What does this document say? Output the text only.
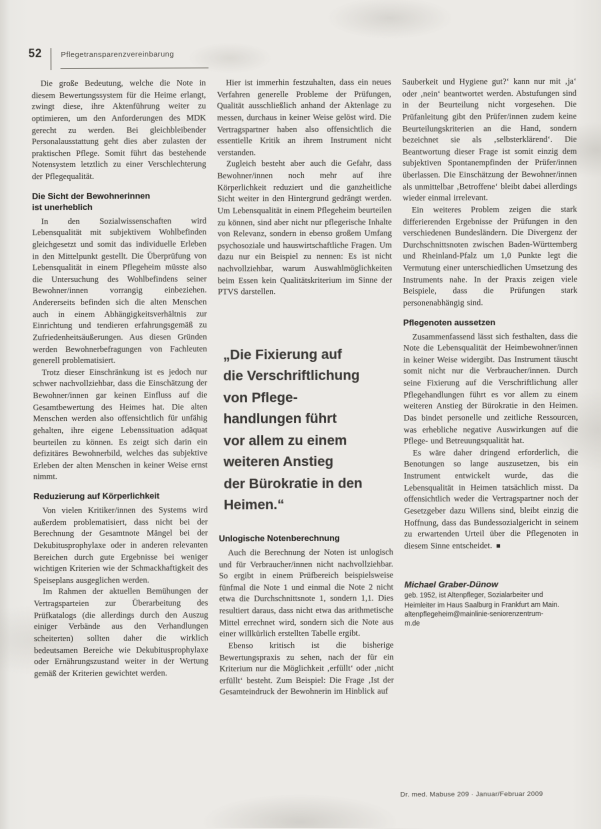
52	Pflegetransparenzvereinbarung

Die große Bedeutung, welche die Note in diesem Bewertungssystem für die Heime erlangt, zwingt diese, ihre Aktenführung weiter zu optimieren, um den Anforderungen des MDK gerecht zu werden. Bei gleichbleibender Personalausstattung geht dies aber zulasten der praktischen Pflege. Somit führt das bestehende Notensystem letztlich zu einer Verschlechterung der Pflegequalität.

Die Sicht der Bewohnerinnen
ist unerheblich

In den Sozialwissenschaften wird Lebensqualität mit subjektivem Wohlbefinden gleichgesetzt und somit das individuelle Erleben in den Mittelpunkt gestellt. Die Überprüfung von Lebensqualität in einem Pflegeheim müsste also die Untersuchung des Wohlbefindens seiner Bewohner/innen vorrangig einbeziehen. Andererseits befinden sich die alten Menschen auch in einem Abhängigkeitsverhältnis zur Einrichtung und tendieren erfahrungsgemäß zu Zufriedenheitsäußerungen. Aus diesen Gründen werden Bewohnerbefragungen von Fachleuten generell problematisiert.

Trotz dieser Einschränkung ist es jedoch nur schwer nachvollziehbar, dass die Einschätzung der Bewohner/innen gar keinen Einfluss auf die Gesamtbewertung des Heimes hat. Die alten Menschen werden also offensichtlich für unfähig gehalten, ihre eigene Lebenssituation adäquat beurteilen zu können. Es zeigt sich darin ein defizitäres Bewohnerbild, welches das subjektive Erleben der alten Menschen in keiner Weise ernst nimmt.

Reduzierung auf Körperlichkeit

Von vielen Kritiker/innen des Systems wird außerdem problematisiert, dass nicht bei der Berechnung der Gesamtnote Mängel bei der Dekubitusprophylaxe oder in anderen relevanten Bereichen durch gute Ergebnisse bei weniger wichtigen Kriterien wie der Schmackhaftigkeit des Speiseplans ausgeglichen werden.

Im Rahmen der aktuellen Bemühungen der Vertragsparteien zur Überarbeitung des Prüfkatalogs (die allerdings durch den Auszug einiger Verbände aus den Verhandlungen scheiterten) sollten daher die wirklich bedeutsamen Bereiche wie Dekubitusprophylaxe oder Ernährungszustand weiter in der Wertung gemäß der Kriterien gewichtet werden.

Hier ist immerhin festzuhalten, dass ein neues Verfahren generelle Probleme der Prüfungen, Qualität ausschließlich anhand der Aktenlage zu messen, durchaus in keiner Weise gelöst wird. Die Vertragspartner haben also offensichtlich die essentielle Kritik an ihrem Instrument nicht verstanden.

Zugleich besteht aber auch die Gefahr, dass Bewohner/innen noch mehr auf ihre Körperlichkeit reduziert und die ganzheitliche Sicht weiter in den Hintergrund gedrängt werden. Um Lebensqualität in einem Pflegeheim beurteilen zu können, sind aber nicht nur pflegerische Inhalte von Relevanz, sondern in ebenso großem Umfang psychosoziale und hauswirtschaftliche Fragen. Um dazu nur ein Beispiel zu nennen: Es ist nicht nachvollziehbar, warum Auswahlmöglichkeiten beim Essen kein Qualitätskriterium im Sinne der PTVS darstellen.

„Die Fixierung auf
die Verschriftlichung
von Pflege-
handlungen führt
vor allem zu einem
weiteren Anstieg
der Bürokratie in den
Heimen.“
Unlogische Notenberechnung

Auch die Berechnung der Noten ist unlogisch und für Verbraucher/innen nicht nachvollziehbar. So ergibt in einem Prüfbereich beispielsweise fünfmal die Note 1 und einmal die Note 2 nicht etwa die Durchschnittsnote 1, sondern 1,1. Dies resultiert daraus, dass nicht etwa das arithmetische Mittel errechnet wird, sondern sich die Note aus einer willkürlich erstellten Tabelle ergibt.

Ebenso kritisch ist die bisherige Bewertungspraxis zu sehen, nach der für ein Kriterium nur die Möglichkeit ‚erfüllt‘ oder ‚nicht erfüllt‘ besteht. Zum Beispiel: Die Frage ‚Ist der Gesamteindruck der Bewohnerin im Hinblick auf

Sauberkeit und Hygiene gut?‘ kann nur mit ‚ja‘ oder ‚nein‘ beantwortet werden. Abstufungen sind in der Beurteilung nicht vorgesehen. Die Prüfanleitung gibt den Prüfer/innen zudem keine Beurteilungskriterien an die Hand, sondern bezeichnet sie als ‚selbsterklärend‘. Die Beantwortung dieser Frage ist somit einzig dem subjektiven Spontanempfinden der Prüfer/innen überlassen. Die Einschätzung der Bewohner/innen als unmittelbar ‚Betroffene‘ bleibt dabei allerdings wieder einmal irrelevant.

Ein weiteres Problem zeigen die stark differierenden Ergebnisse der Prüfungen in den verschiedenen Bundesländern. Die Divergenz der Durchschnittsnoten zwischen Baden-Württemberg und Rheinland-Pfalz um 1,0 Punkte legt die Vermutung einer unterschiedlichen Umsetzung des Instruments nahe. In der Praxis zeigen viele Beispiele, dass die Prüfungen stark personenabhängig sind.

Pflegenoten aussetzen

Zusammenfassend lässt sich festhalten, dass die Note die Lebensqualität der Heimbewohner/innen in keiner Weise widergibt. Das Instrument täuscht somit nicht nur die Verbraucher/innen. Durch seine Fixierung auf die Verschriftlichung aller Pflegehandlungen führt es vor allem zu einem weiteren Anstieg der Bürokratie in den Heimen. Das bindet personelle und zeitliche Ressourcen, was erhebliche negative Auswirkungen auf die Pflege- und Betreuungsqualität hat.

Es wäre daher dringend erforderlich, die Benotungen so lange auszusetzen, bis ein Instrument entwickelt wurde, das die Lebensqualität in Heimen tatsächlich misst. Da offensichtlich weder die Vertragspartner noch der Gesetzgeber dazu Willens sind, bleibt einzig die Hoffnung, dass das Bundessozialgericht in seinem zu erwartenden Urteil über die Pflegenoten in diesem Sinne entscheidet. ■

Michael Graber-Dünow
geb. 1952, ist Altenpfleger, Sozialarbeiter und
Heimleiter im Haus Saalburg in Frankfurt am Main.
altenpflegeheim@mainlinie-seniorenzentrum-
m.de
Dr. med. Mabuse 209 · Januar/Februar 2009
